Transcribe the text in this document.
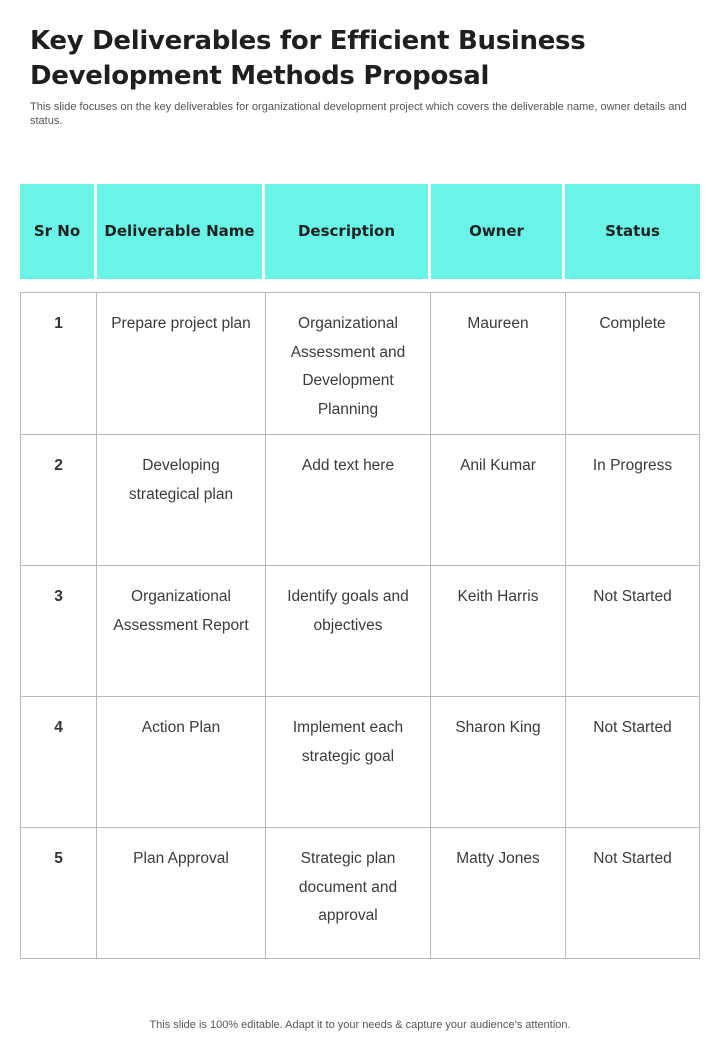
Key Deliverables for Efficient Business
Development Methods Proposal

This slide focuses on the key deliverables for organizational development project which covers the deliverable name, owner details and status.

Sr No	Deliverable Name	Description	Owner	Status
1	Prepare project plan	Organizational Assessment and Development Planning	Maureen	Complete
2	Developing strategical plan	Add text here	Anil Kumar	In Progress
3	Organizational Assessment Report	Identify goals and objectives	Keith Harris	Not Started
4	Action Plan	Implement each strategic goal	Sharon King	Not Started
5	Plan Approval	Strategic plan document and approval	Matty Jones	Not Started
This slide is 100% editable. Adapt it to your needs & capture your audience’s attention.
